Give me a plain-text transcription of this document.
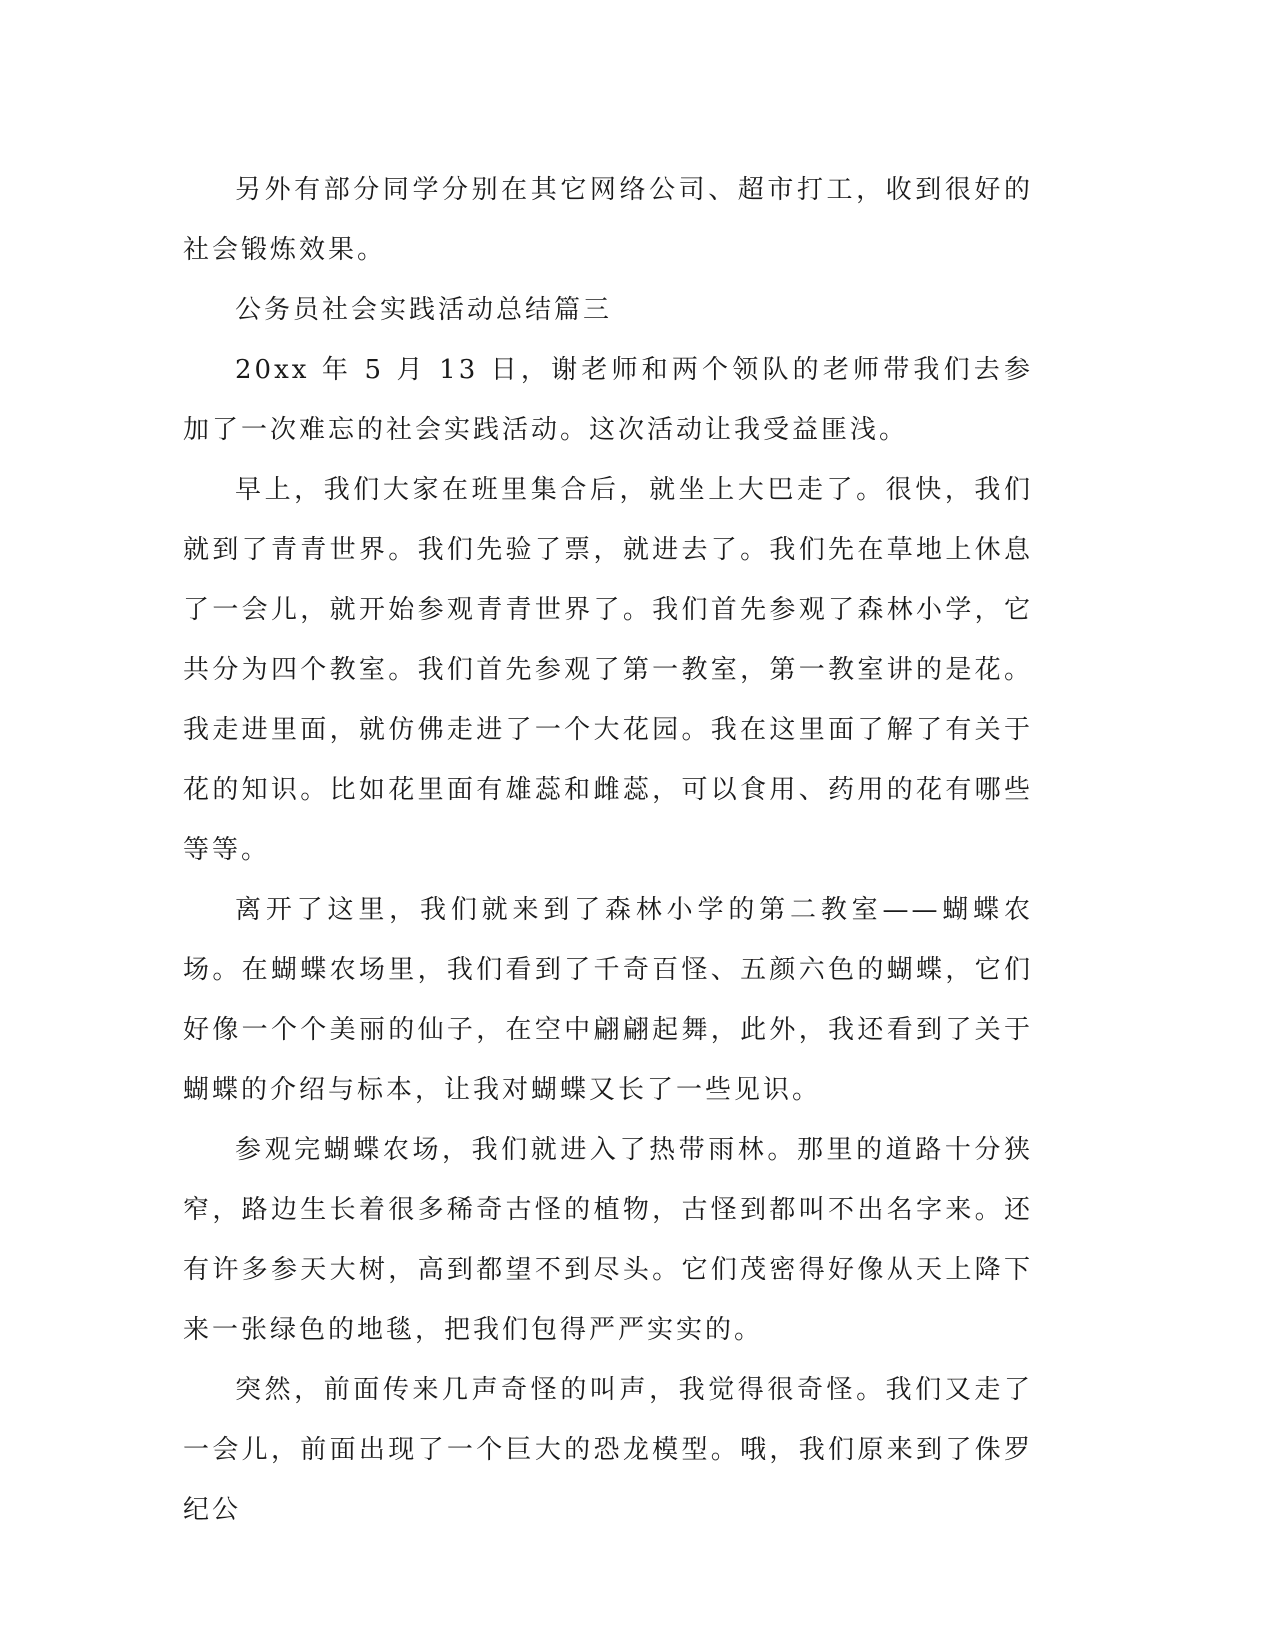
另外有部分同学分别在其它网络公司、超市打工，收到很好的社会锻炼效果。

公务员社会实践活动总结篇三

20xx 年 5 月 13 日，谢老师和两个领队的老师带我们去参加了一次难忘的社会实践活动。这次活动让我受益匪浅。

早上，我们大家在班里集合后，就坐上大巴走了。很快，我们就到了青青世界。我们先验了票，就进去了。我们先在草地上休息了一会儿，就开始参观青青世界了。我们首先参观了森林小学，它共分为四个教室。我们首先参观了第一教室，第一教室讲的是花。我走进里面，就仿佛走进了一个大花园。我在这里面了解了有关于花的知识。比如花里面有雄蕊和雌蕊，可以食用、药用的花有哪些等等。

离开了这里，我们就来到了森林小学的第二教室——蝴蝶农场。在蝴蝶农场里，我们看到了千奇百怪、五颜六色的蝴蝶，它们好像一个个美丽的仙子，在空中翩翩起舞，此外，我还看到了关于蝴蝶的介绍与标本，让我对蝴蝶又长了一些见识。

参观完蝴蝶农场，我们就进入了热带雨林。那里的道路十分狭窄，路边生长着很多稀奇古怪的植物，古怪到都叫不出名字来。还有许多参天大树，高到都望不到尽头。它们茂密得好像从天上降下来一张绿色的地毯，把我们包得严严实实的。

突然，前面传来几声奇怪的叫声，我觉得很奇怪。我们又走了一会儿，前面出现了一个巨大的恐龙模型。哦，我们原来到了侏罗纪公
